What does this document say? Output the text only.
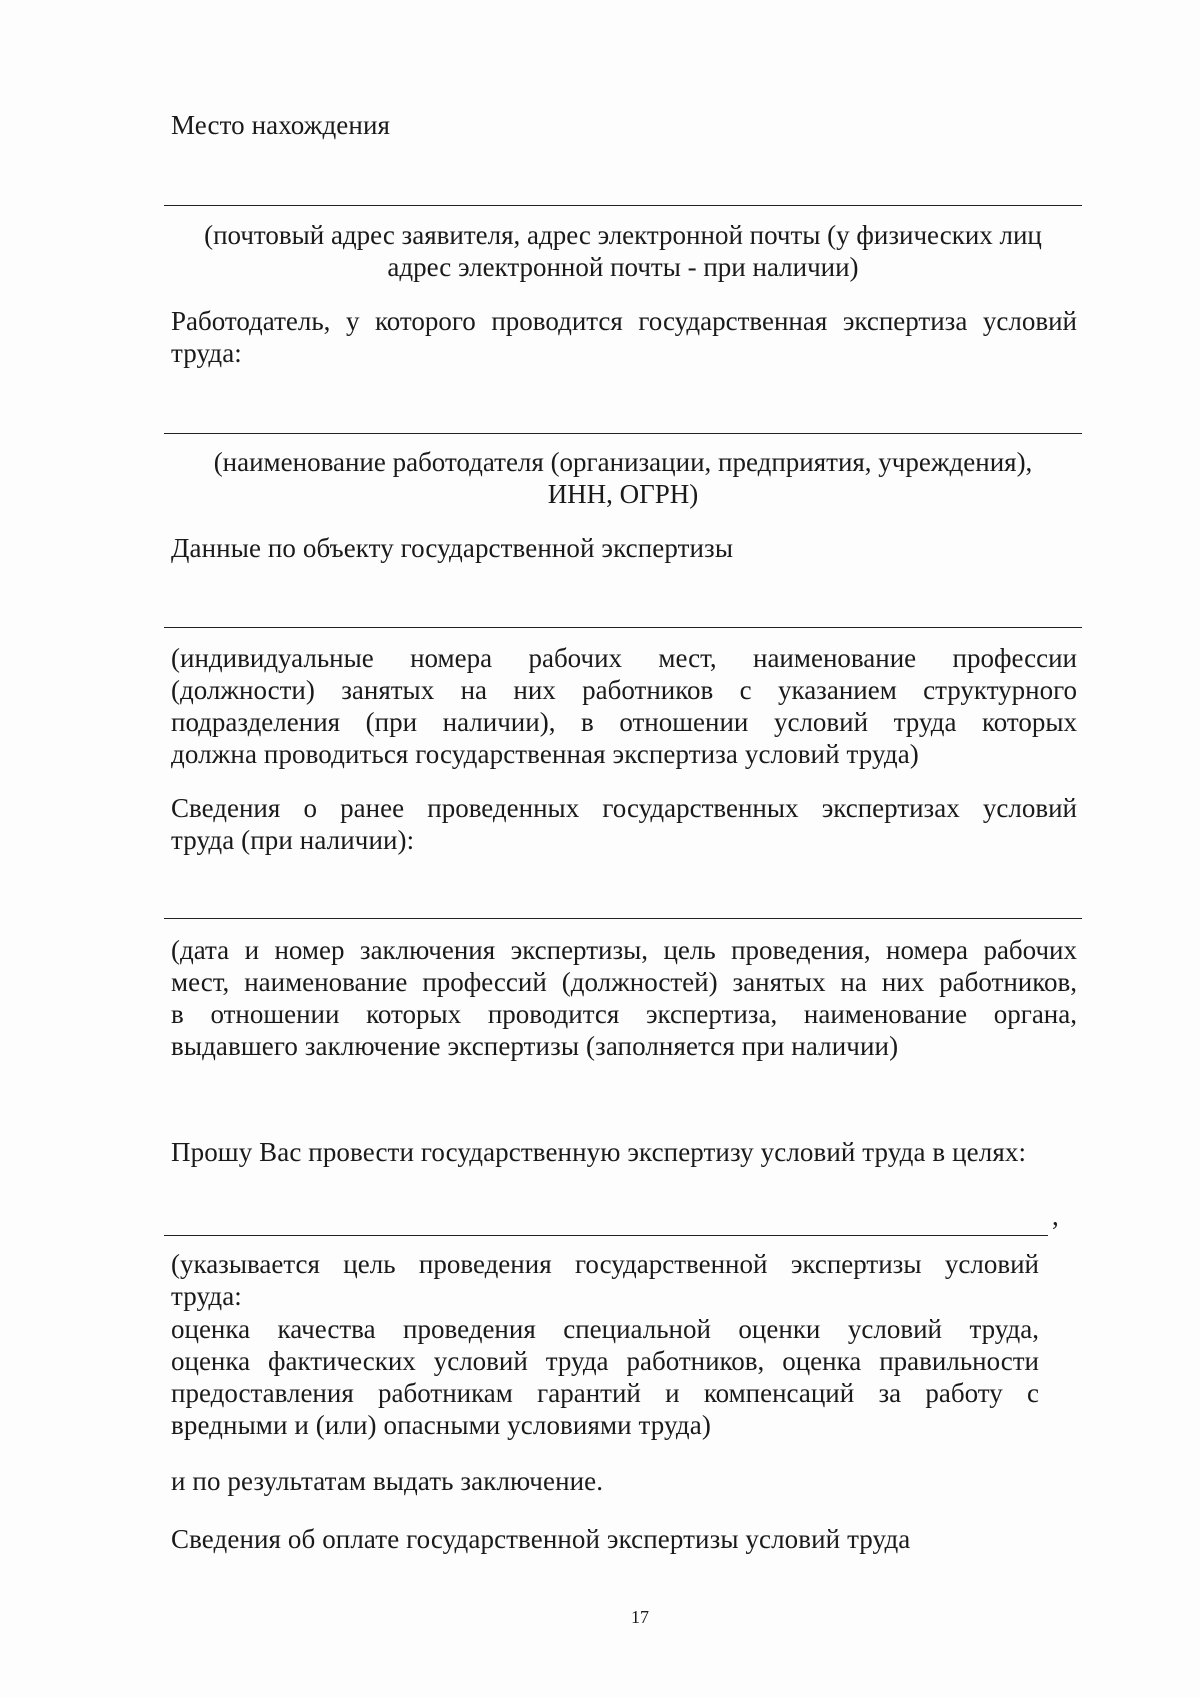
Место нахождения
(почтовый адрес заявителя, адрес электронной почты (у физических лиц
адрес электронной почты - при наличии)
Работодатель, у которого проводится государственная экспертиза условий
труда:
(наименование работодателя (организации, предприятия, учреждения),
ИНН, ОГРН)
Данные по объекту государственной экспертизы
(индивидуальные номера рабочих мест, наименование профессии
(должности) занятых на них работников с указанием структурного
подразделения (при наличии), в отношении условий труда которых
должна проводиться государственная экспертиза условий труда)
Сведения о ранее проведенных государственных экспертизах условий
труда (при наличии):
(дата и номер заключения экспертизы, цель проведения, номера рабочих
мест, наименование профессий (должностей) занятых на них работников,
в отношении которых проводится экспертиза, наименование органа,
выдавшего заключение экспертизы (заполняется при наличии)
Прошу Вас провести государственную экспертизу условий труда в целях:
,
(указывается цель проведения государственной экспертизы условий
труда:
оценка качества проведения специальной оценки условий труда,
оценка фактических условий труда работников, оценка правильности
предоставления работникам гарантий и компенсаций за работу с
вредными и (или) опасными условиями труда)
и по результатам выдать заключение.
Сведения об оплате государственной экспертизы условий труда
17
